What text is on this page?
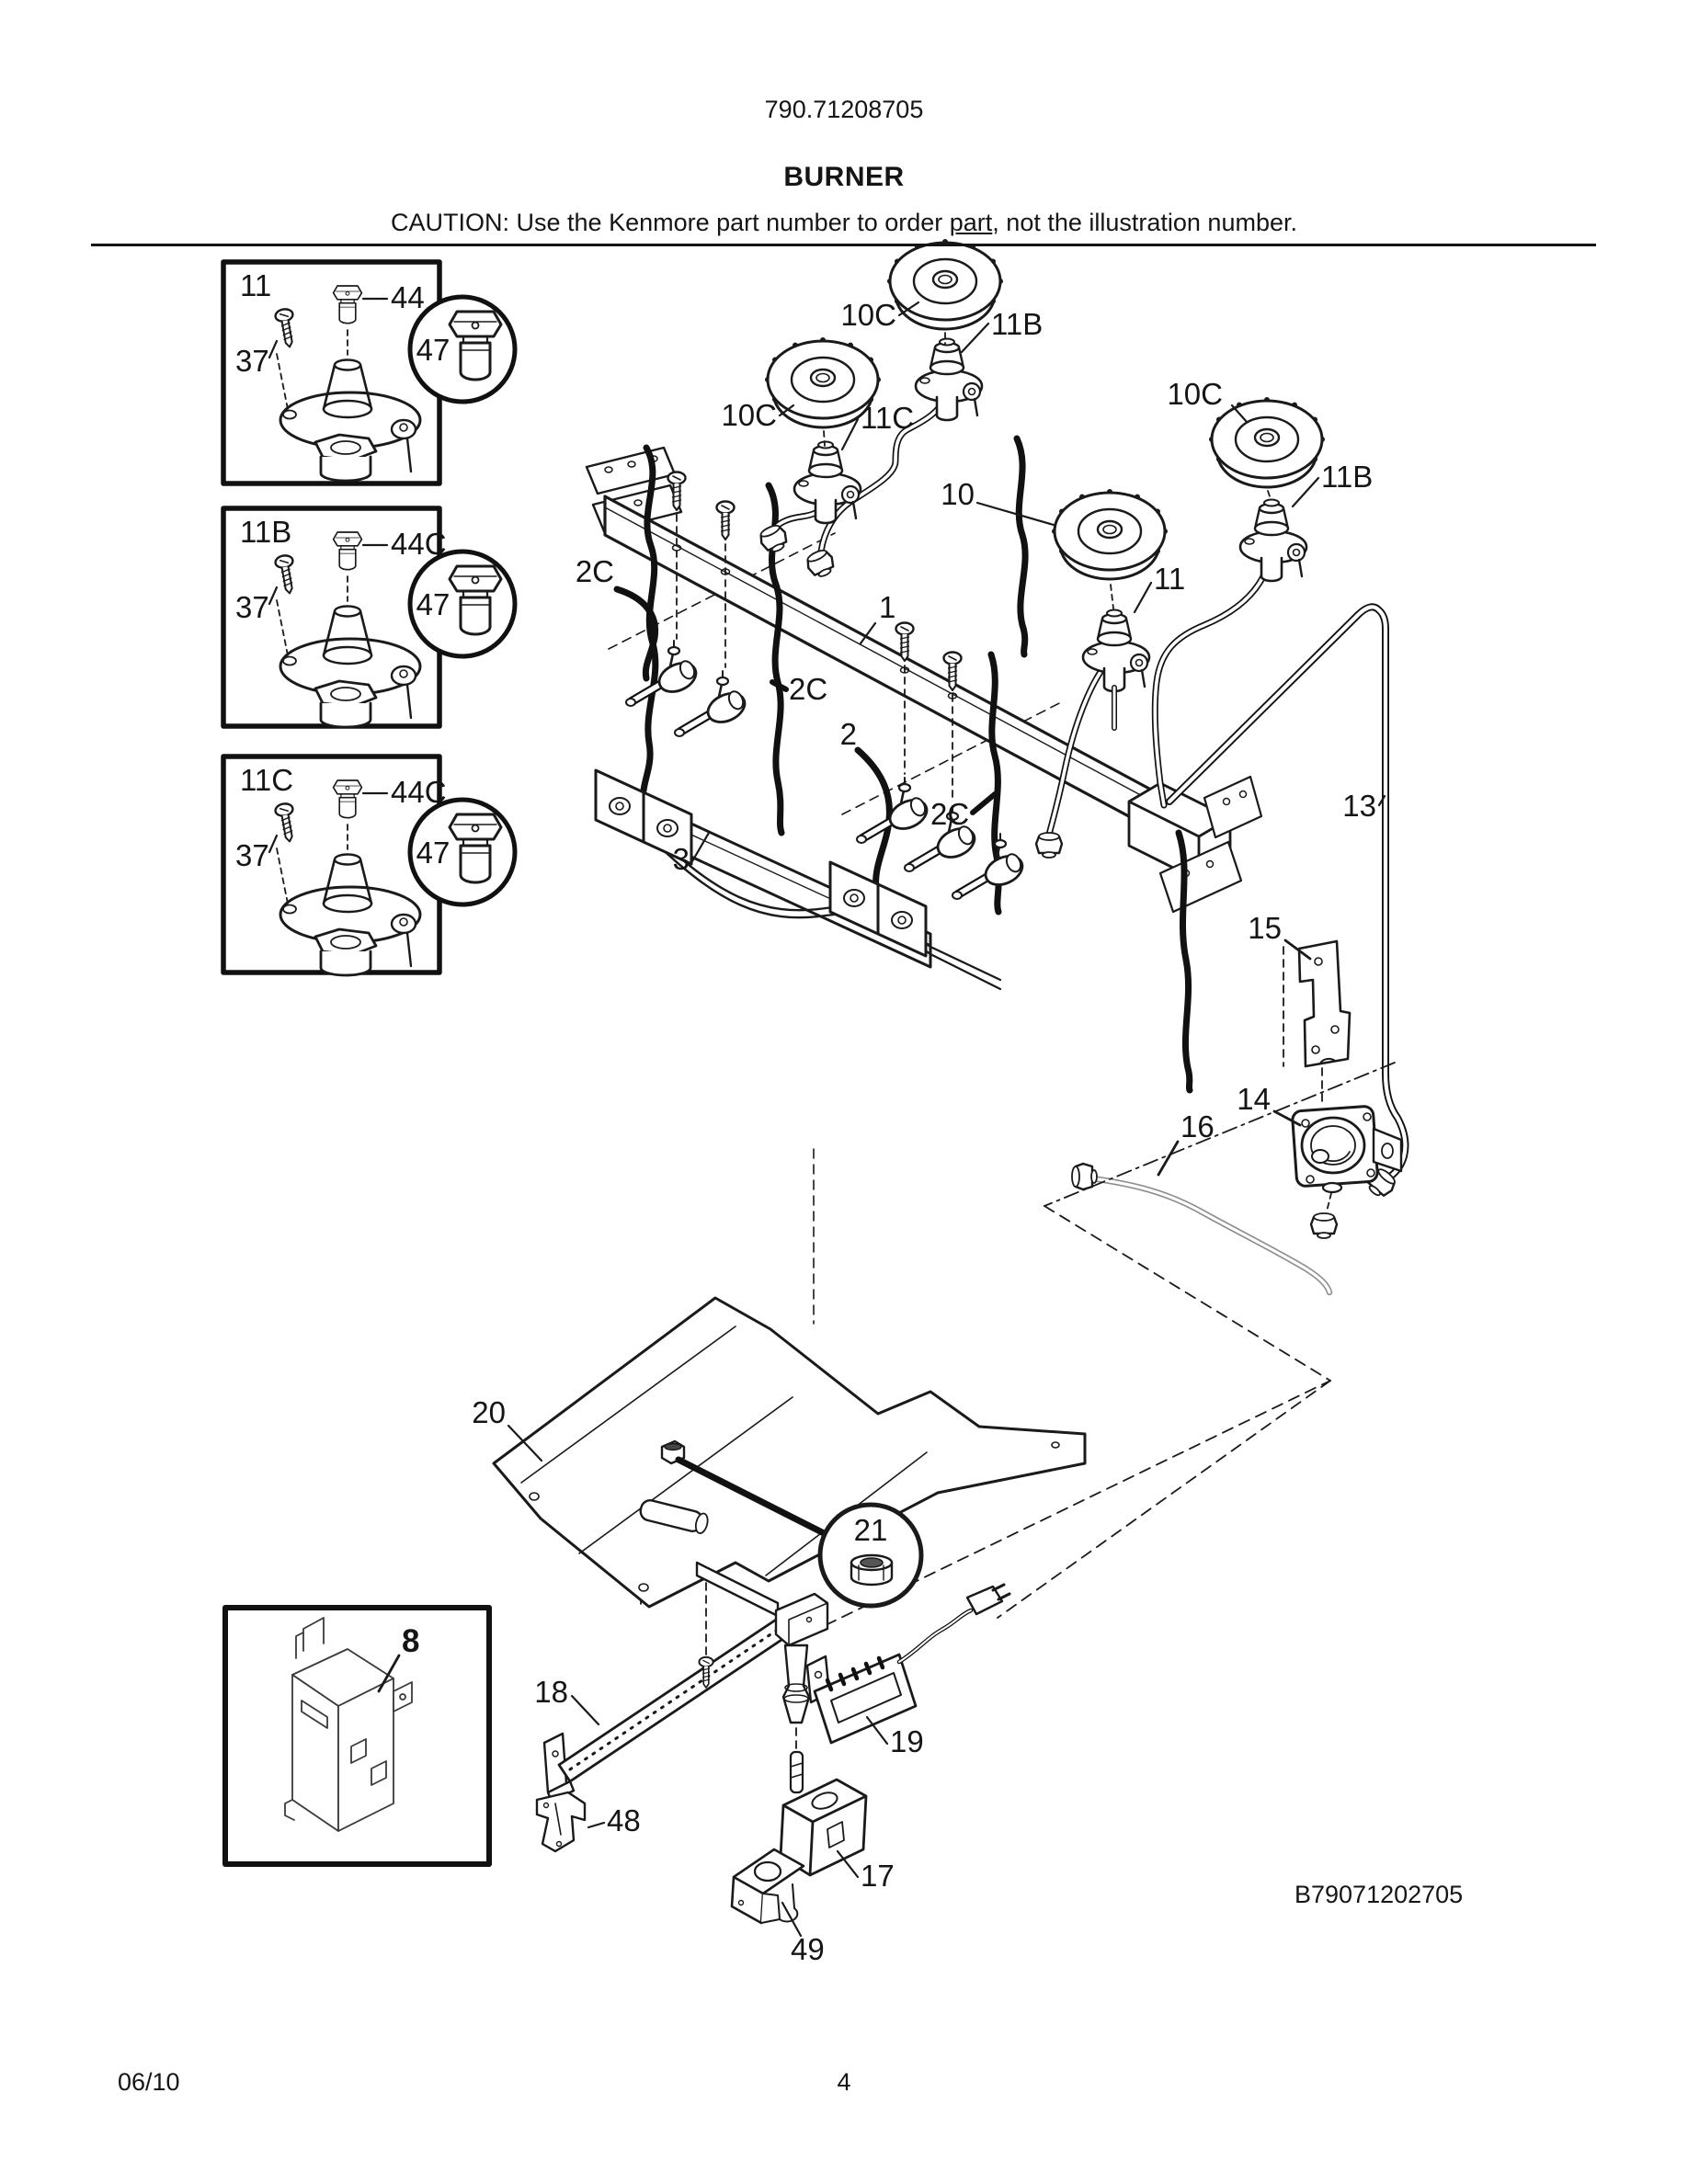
790.71208705
BURNER
CAUTION: Use the Kenmore part number to order part, not the illustration number.
10C	11B
10C	11C
10C
11B
10
11
1
2
2C
2C
2C
3
13
14
15
16
17
18
19
20
21
48
49
8
11	44
37	47
11B	44C
37	47
11C	44C
37	47
B79071202705
06/10	4
